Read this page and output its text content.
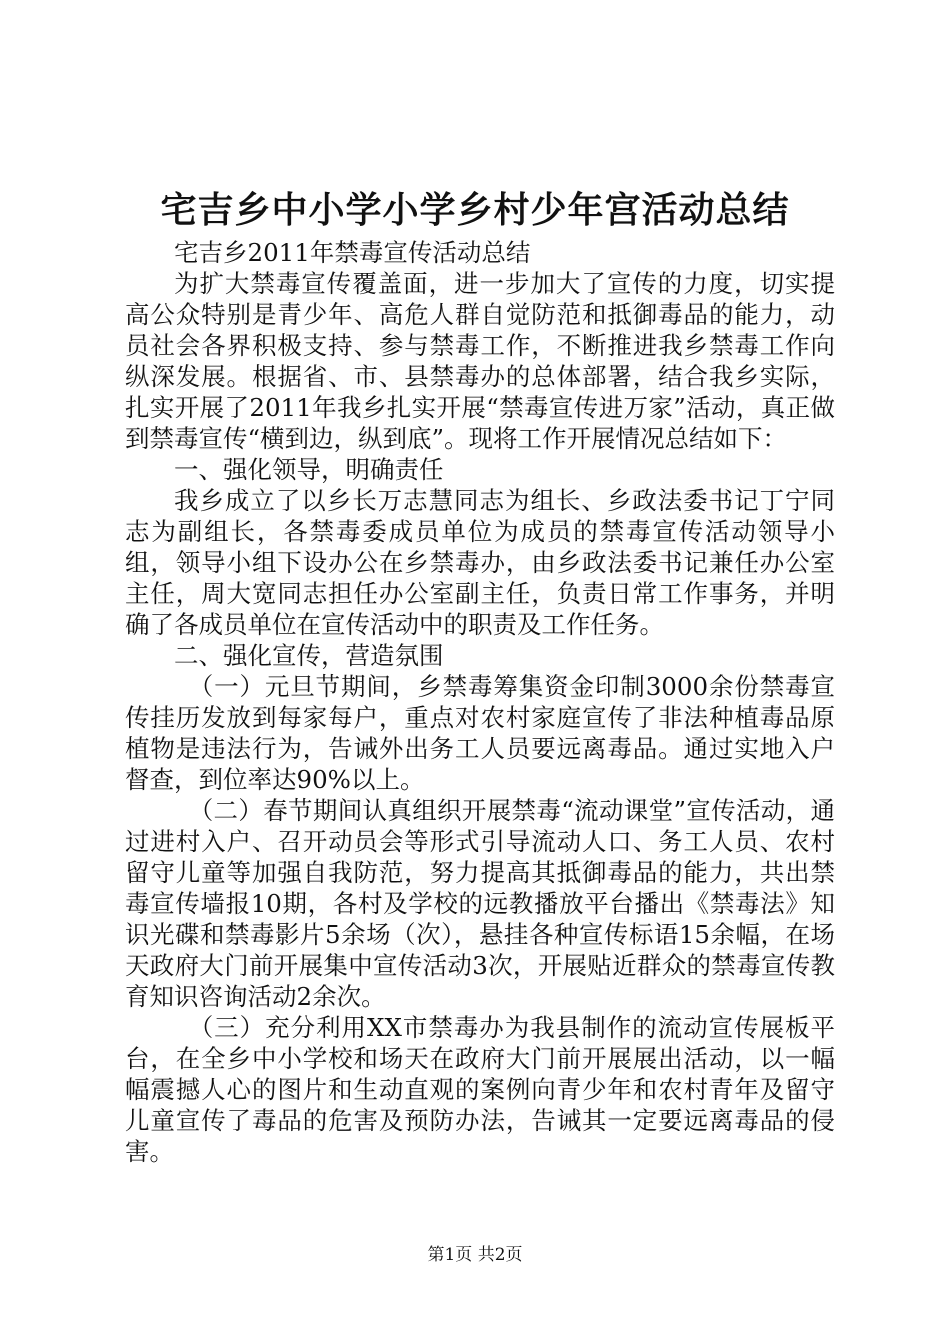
宅吉乡中小学小学乡村少年宫活动总结

宅吉乡2011年禁毒宣传活动总结

为扩大禁毒宣传覆盖面，进一步加大了宣传的力度，切实提高公众特别是青少年、高危人群自觉防范和抵御毒品的能力，动员社会各界积极支持、参与禁毒工作，不断推进我乡禁毒工作向纵深发展。根据省、市、县禁毒办的总体部署，结合我乡实际，扎实开展了2011年我乡扎实开展“禁毒宣传进万家”活动，真正做到禁毒宣传“横到边，纵到底”。现将工作开展情况总结如下：

一、强化领导，明确责任

我乡成立了以乡长万志慧同志为组长、乡政法委书记丁宁同志为副组长，各禁毒委成员单位为成员的禁毒宣传活动领导小组，领导小组下设办公在乡禁毒办，由乡政法委书记兼任办公室主任，周大宽同志担任办公室副主任，负责日常工作事务，并明确了各成员单位在宣传活动中的职责及工作任务。

二、强化宣传，营造氛围

（一）元旦节期间，乡禁毒筹集资金印制3000余份禁毒宣传挂历发放到每家每户，重点对农村家庭宣传了非法种植毒品原植物是违法行为，告诫外出务工人员要远离毒品。通过实地入户督查，到位率达90%以上。

（二）春节期间认真组织开展禁毒“流动课堂”宣传活动，通过进村入户、召开动员会等形式引导流动人口、务工人员、农村留守儿童等加强自我防范，努力提高其抵御毒品的能力，共出禁毒宣传墙报10期，各村及学校的远教播放平台播出《禁毒法》知识光碟和禁毒影片5余场（次），悬挂各种宣传标语15余幅，在场天政府大门前开展集中宣传活动3次，开展贴近群众的禁毒宣传教育知识咨询活动2余次。

（三）充分利用XX市禁毒办为我县制作的流动宣传展板平台，在全乡中小学校和场天在政府大门前开展展出活动，以一幅幅震撼人心的图片和生动直观的案例向青少年和农村青年及留守儿童宣传了毒品的危害及预防办法，告诫其一定要远离毒品的侵害。

第1页 共2页
